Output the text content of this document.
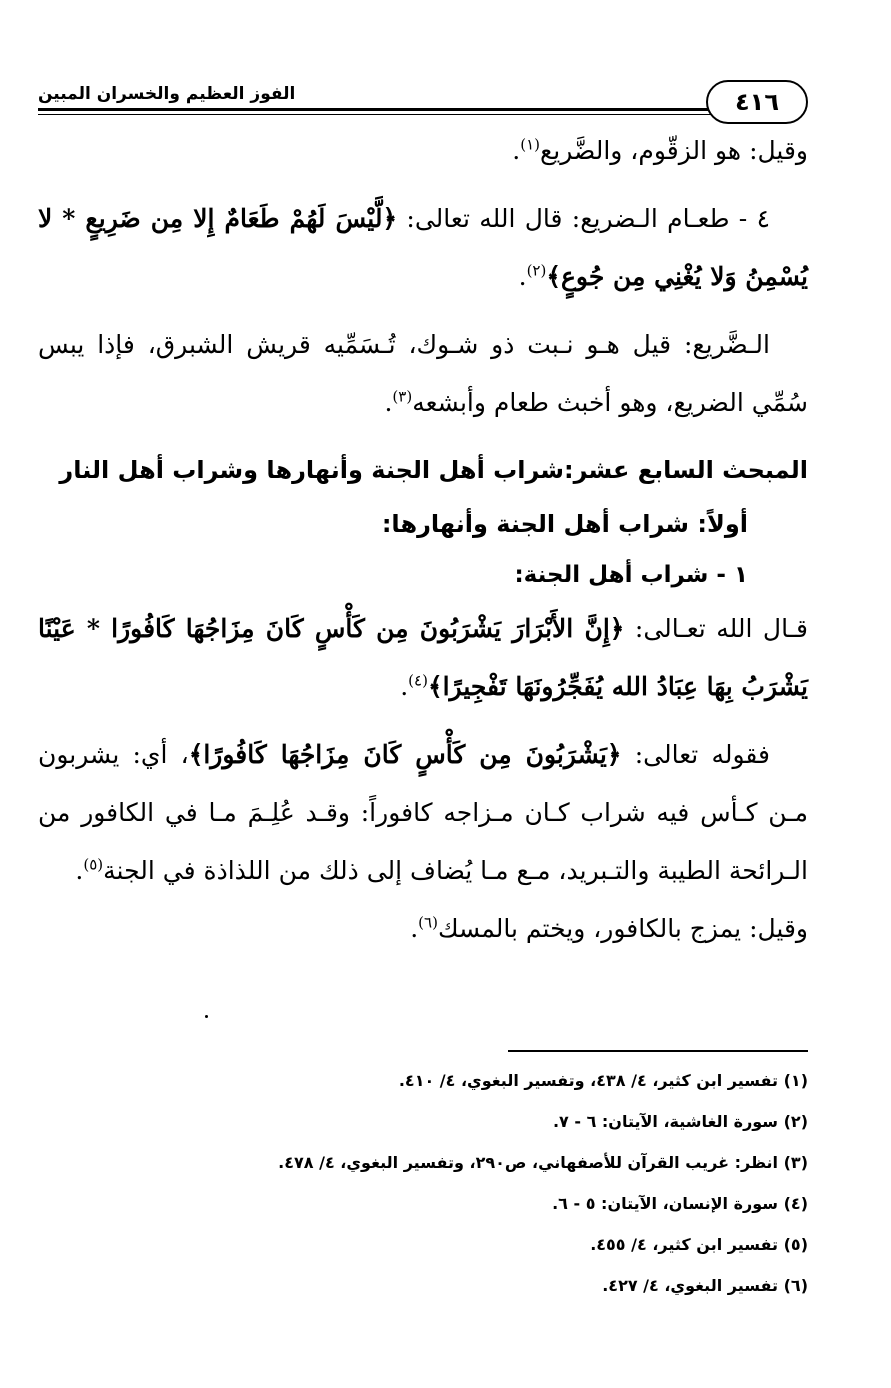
٤١٦
الفوز العظيم والخسران المبين

وقيل: هو الزقّوم، والضَّريع$^{(١)}$.

٤ - طعـام الـضريع: قال الله تعالى: ﴿لَّيْسَ لَهُمْ طَعَامٌ إِلا مِن ضَرِيعٍ * لا يُسْمِنُ وَلا يُغْنِي مِن جُوعٍ﴾$^{(٢)}$.

الـضَّريع: قيل هـو نـبت ذو شـوك، تُـسَمِّيه قريش الشبرق، فإذا يبس سُمِّي الضريع، وهو أخبث طعام وأبشعه$^{(٣)}$.

المبحث السابع عشر:شراب أهل الجنة وأنهارها وشراب أهل النار
أولاً: شراب أهل الجنة وأنهارها:
١ - شراب أهل الجنة:

قـال الله تعـالى: ﴿إِنَّ الأَبْرَارَ يَشْرَبُونَ مِن كَأْسٍ كَانَ مِزَاجُهَا كَافُورًا * عَيْنًا يَشْرَبُ بِهَا عِبَادُ الله يُفَجِّرُونَهَا تَفْجِيرًا﴾$^{(٤)}$.

فقوله تعالى: ﴿يَشْرَبُونَ مِن كَأْسٍ كَانَ مِزَاجُهَا كَافُورًا﴾، أي: يشربون مـن كـأس فيه شراب كـان مـزاجه كافوراً: وقـد عُلِـمَ مـا في الكافور من الـرائحة الطيبة والتـبريد، مـع مـا يُضاف إلى ذلك من اللذاذة في الجنة$^{(٥)}$.
وقيل: يمزج بالكافور، ويختم بالمسك$^{(٦)}$.

(١) تفسير ابن كثير، ٤/ ٤٣٨، وتفسير البغوي، ٤/ ٤١٠.
(٢) سورة الغاشية، الآيتان: ٦ - ٧.
(٣) انظر: غريب القرآن للأصفهاني، ص٢٩٠، وتفسير البغوي، ٤/ ٤٧٨.
(٤) سورة الإنسان، الآيتان: ٥ - ٦.
(٥) تفسير ابن كثير، ٤/ ٤٥٥.
(٦) تفسير البغوي، ٤/ ٤٢٧.
